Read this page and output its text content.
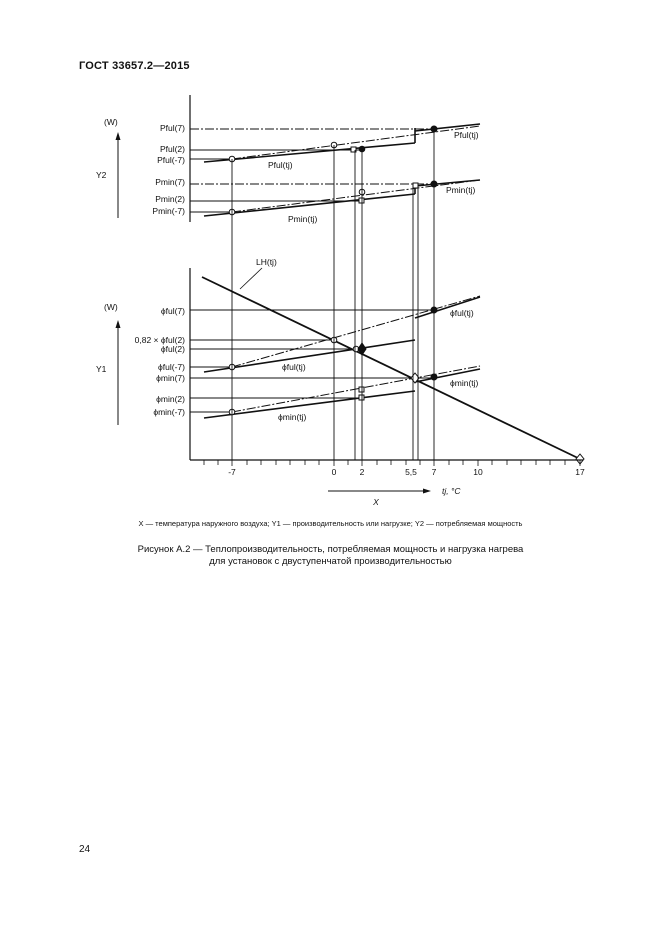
ГОСТ 33657.2—2015
(W)
Y2
Pful(7)
Pful(2)
Pful(-7)
Pmin(7)
Pmin(2)
Pmin(-7)
Pful(tj)
Pful(tj)
Pmin(tj)
Pmin(tj)
(W)
Y1
ϕful(7)
0,82 × ϕful(2)
ϕful(2)
ϕful(-7)
ϕmin(7)
ϕmin(2)
ϕmin(-7)
ϕful(tj)
ϕful(tj)
ϕmin(tj)
ϕmin(tj)
LH(tj)
-7	0	2	5,5 7	10	17
X
tj, °C
X — температура наружного воздуха; Y1 — производительность или нагрузке; Y2 — потребляемая мощность
Рисунок А.2 — Теплопроизводительность, потребляемая мощность и нагрузка нагрева
для установок с двуступенчатой производительностью
24
